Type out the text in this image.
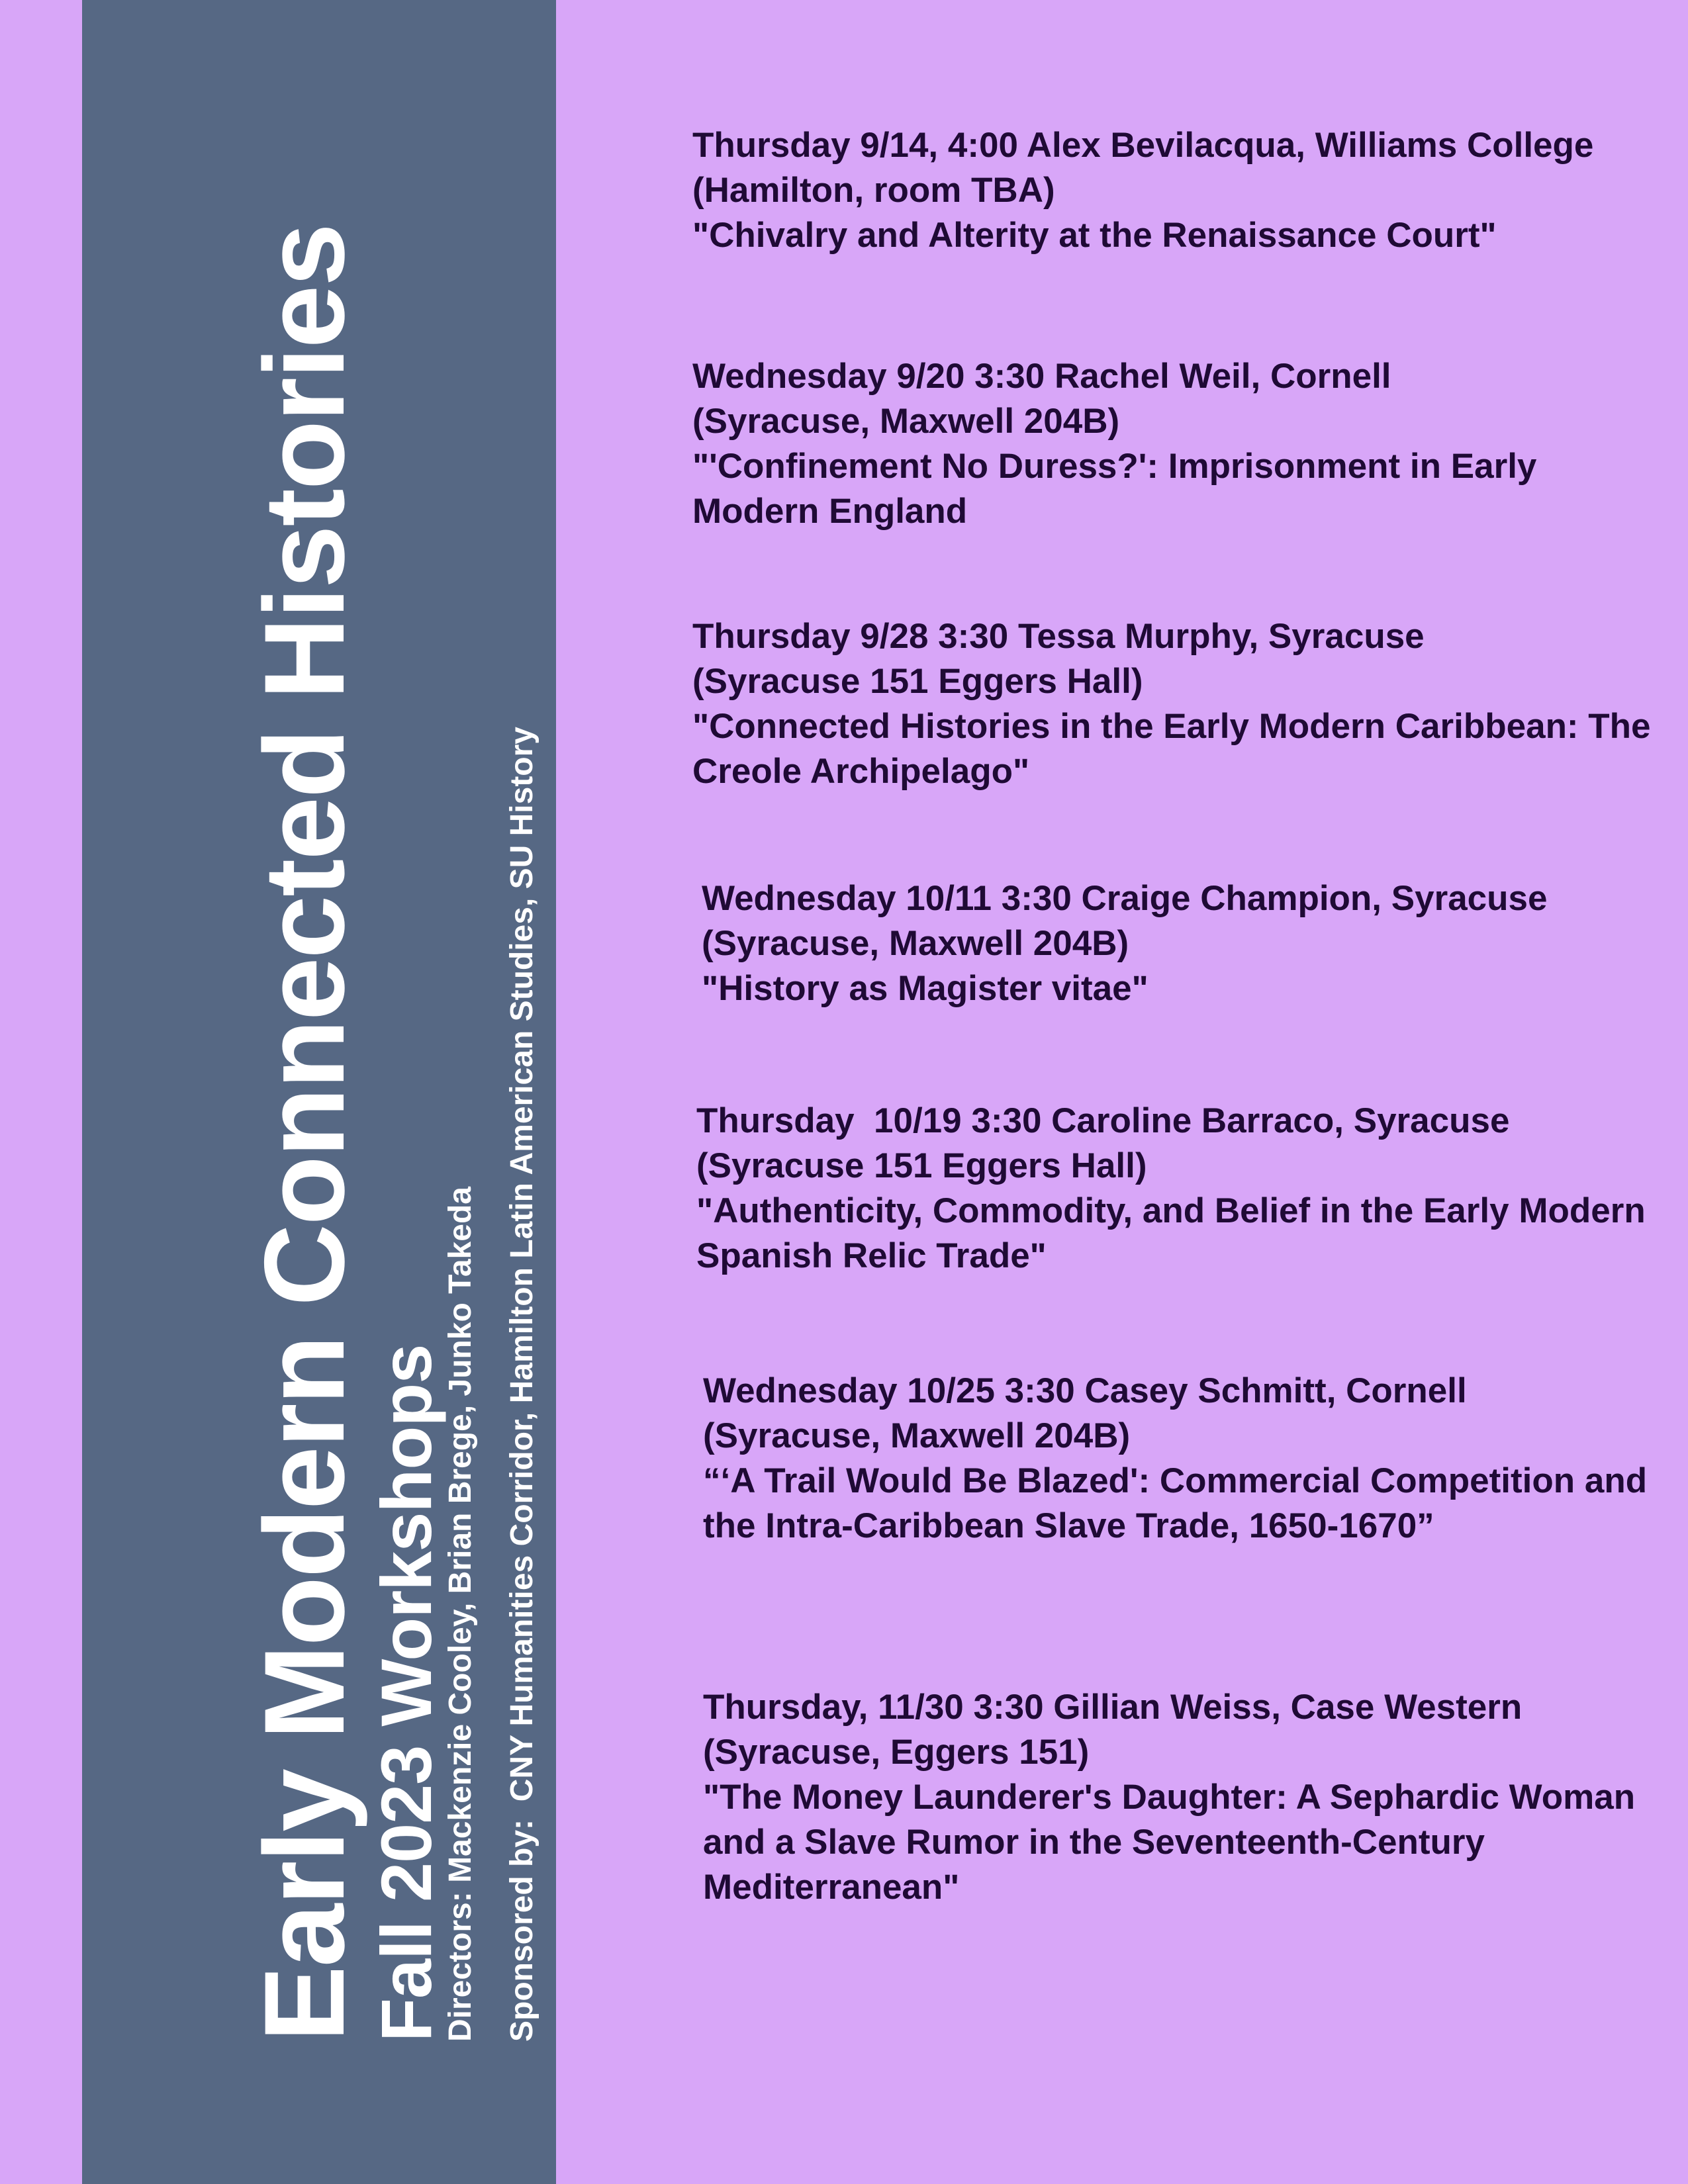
Early Modern Connected Histories
Fall 2023 Workshops
Directors: Mackenzie Cooley, Brian Brege, Junko Takeda Sponsored by:  CNY Humanities Corridor, Hamilton Latin American Studies, SU History
Thursday 9/14, 4:00 Alex Bevilacqua, Williams College
(Hamilton, room TBA)
"Chivalry and Alterity at the Renaissance Court"
Wednesday 9/20 3:30 Rachel Weil, Cornell
(Syracuse, Maxwell 204B)
"'Confinement No Duress?': Imprisonment in Early Modern England
Thursday 9/28 3:30 Tessa Murphy, Syracuse
(Syracuse 151 Eggers Hall)
"Connected Histories in the Early Modern Caribbean: The Creole Archipelago"
Wednesday 10/11 3:30 Craige Champion, Syracuse
(Syracuse, Maxwell 204B)
"History as Magister vitae"
Thursday  10/19 3:30 Caroline Barraco, Syracuse
(Syracuse 151 Eggers Hall)
"Authenticity, Commodity, and Belief in the Early Modern Spanish Relic Trade"
Wednesday 10/25 3:30 Casey Schmitt, Cornell
(Syracuse, Maxwell 204B)
“‘A Trail Would Be Blazed': Commercial Competition and the Intra-Caribbean Slave Trade, 1650-1670”
Thursday, 11/30 3:30 Gillian Weiss, Case Western
(Syracuse, Eggers 151)
"The Money Launderer's Daughter: A Sephardic Woman and a Slave Rumor in the Seventeenth-Century Mediterranean"
